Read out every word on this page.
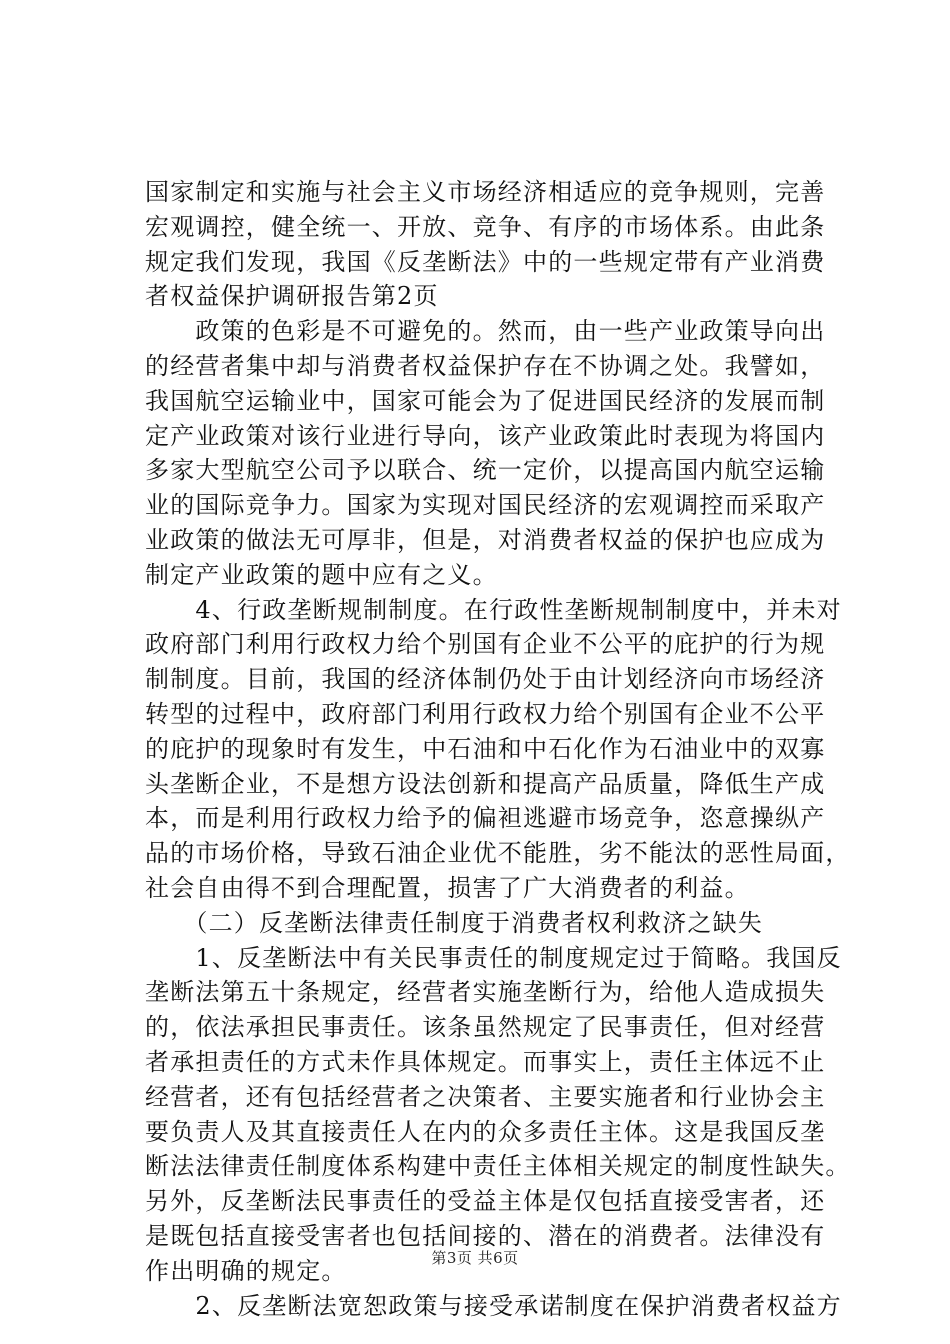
国家制定和实施与社会主义市场经济相适应的竞争规则，完善
宏观调控，健全统一、开放、竞争、有序的市场体系。由此条
规定我们发现，我国《反垄断法》中的一些规定带有产业消费
者权益保护调研报告第2页
　　政策的色彩是不可避免的。然而，由一些产业政策导向出
的经营者集中却与消费者权益保护存在不协调之处。我譬如，
我国航空运输业中，国家可能会为了促进国民经济的发展而制
定产业政策对该行业进行导向，该产业政策此时表现为将国内
多家大型航空公司予以联合、统一定价，以提高国内航空运输
业的国际竞争力。国家为实现对国民经济的宏观调控而采取产
业政策的做法无可厚非，但是，对消费者权益的保护也应成为
制定产业政策的题中应有之义。
　　4、行政垄断规制制度。在行政性垄断规制制度中，并未对
政府部门利用行政权力给个别国有企业不公平的庇护的行为规
制制度。目前，我国的经济体制仍处于由计划经济向市场经济
转型的过程中，政府部门利用行政权力给个别国有企业不公平
的庇护的现象时有发生，中石油和中石化作为石油业中的双寡
头垄断企业，不是想方设法创新和提高产品质量，降低生产成
本，而是利用行政权力给予的偏袒逃避市场竞争，恣意操纵产
品的市场价格，导致石油企业优不能胜，劣不能汰的恶性局面，
社会自由得不到合理配置，损害了广大消费者的利益。
　　（二）反垄断法律责任制度于消费者权利救济之缺失
　　1、反垄断法中有关民事责任的制度规定过于简略。我国反
垄断法第五十条规定，经营者实施垄断行为，给他人造成损失
的，依法承担民事责任。该条虽然规定了民事责任，但对经营
者承担责任的方式未作具体规定。而事实上，责任主体远不止
经营者，还有包括经营者之决策者、主要实施者和行业协会主
要负责人及其直接责任人在内的众多责任主体。这是我国反垄
断法法律责任制度体系构建中责任主体相关规定的制度性缺失。
另外，反垄断法民事责任的受益主体是仅包括直接受害者，还
是既包括直接受害者也包括间接的、潜在的消费者。法律没有
作出明确的规定。
　　2、反垄断法宽恕政策与接受承诺制度在保护消费者权益方
第3页 共6页
